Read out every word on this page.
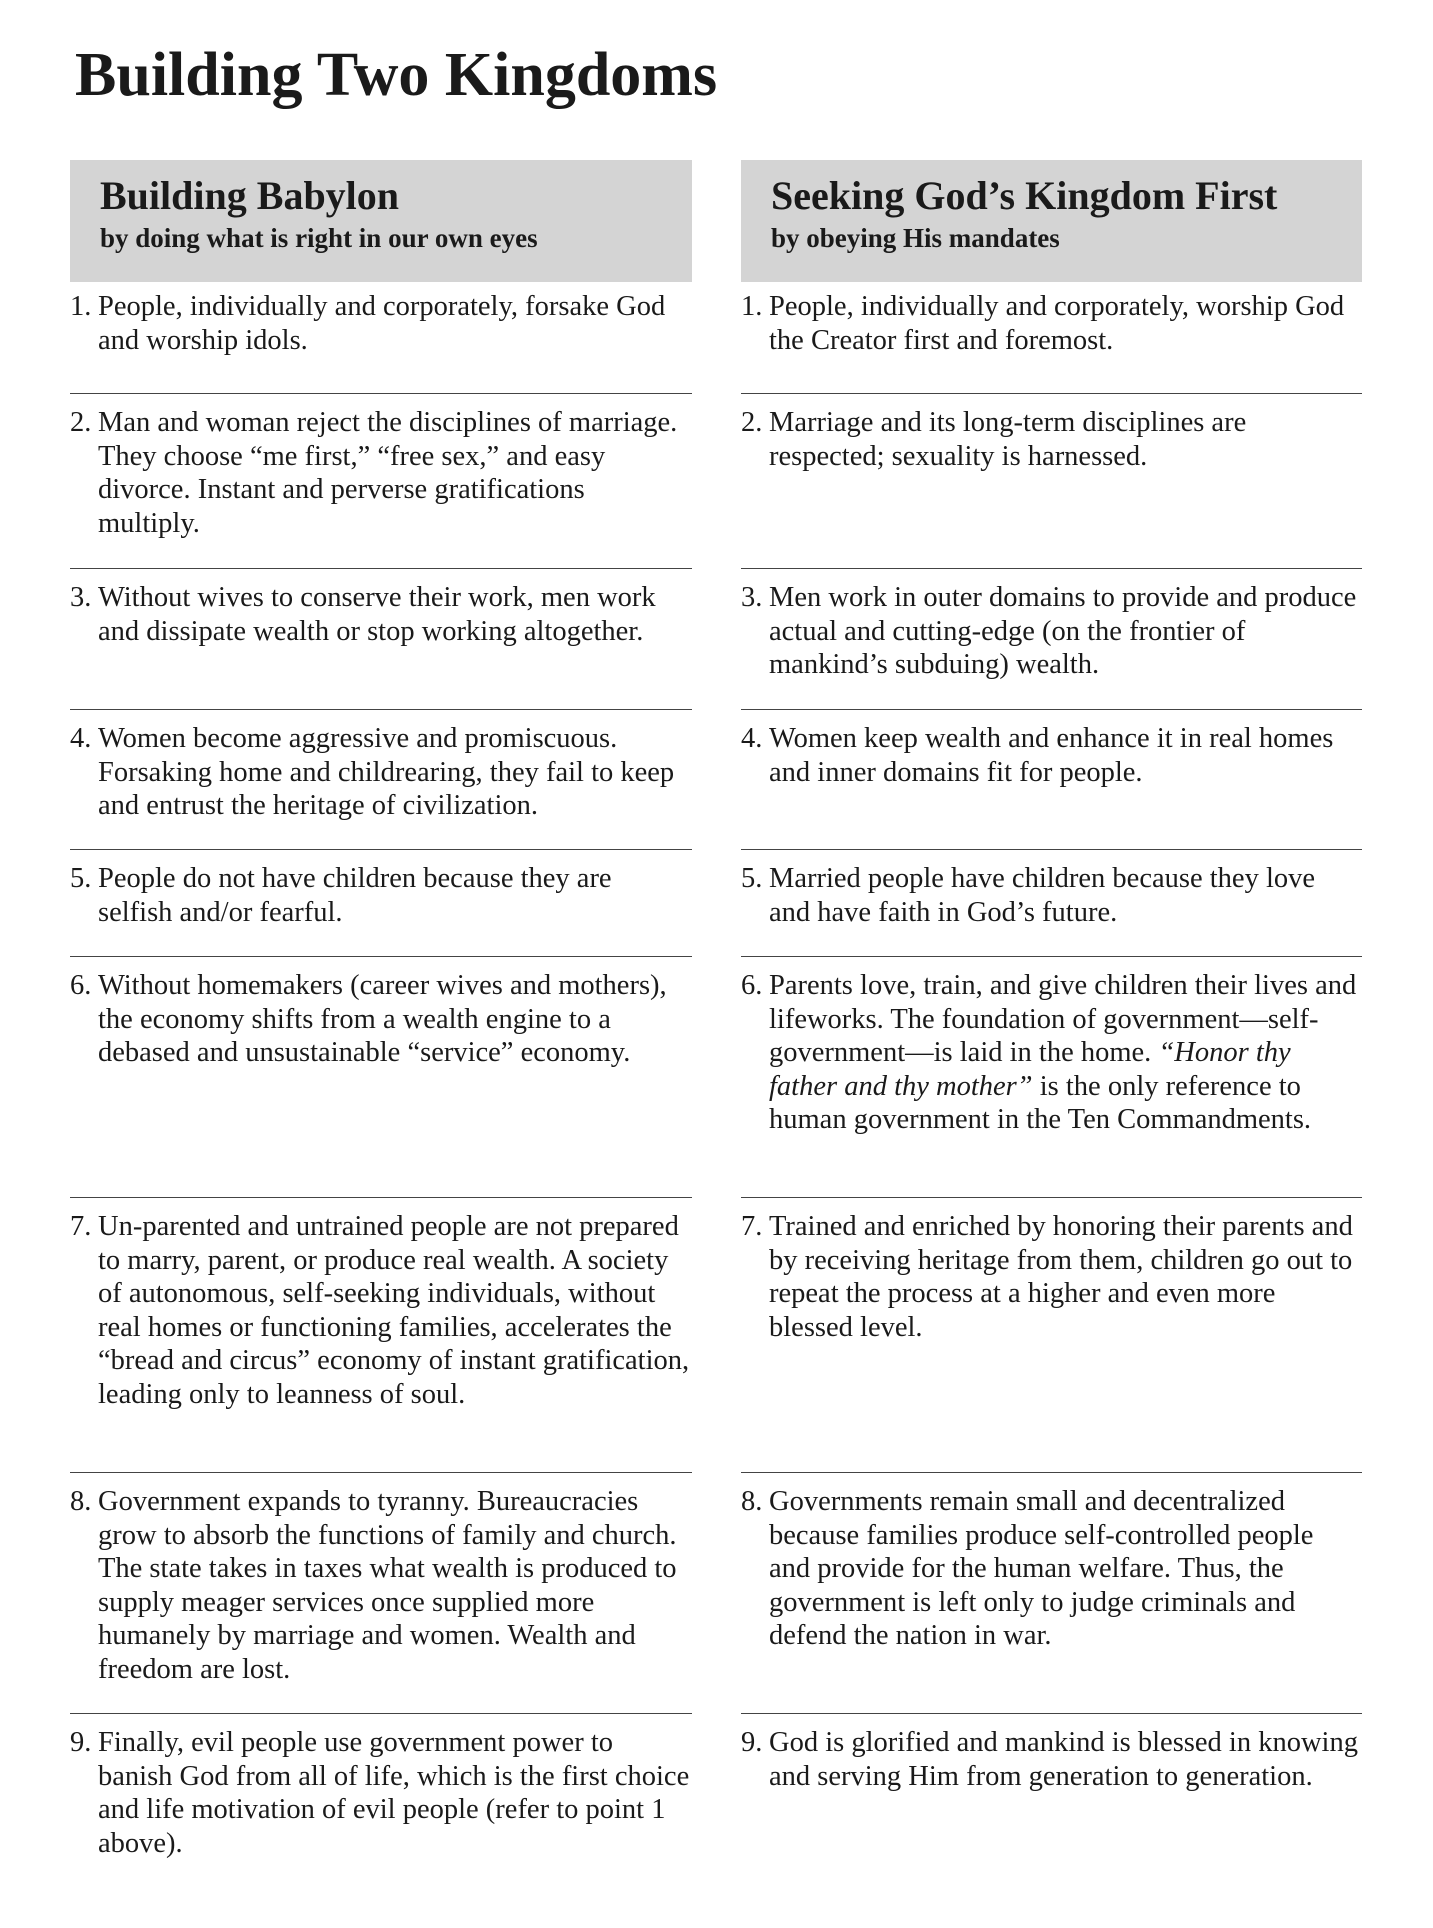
Building Two Kingdoms
Building Babylon
by doing what is right in our own eyes
1. People, individually and corporately, forsake God and worship idols.
2. Man and woman reject the disciplines of marriage. They choose “me first,” “free sex,” and easy divorce. Instant and perverse gratifications multiply.
3. Without wives to conserve their work, men work and dissipate wealth or stop working altogether.
4. Women become aggressive and promiscuous. Forsaking home and childrearing, they fail to keep and entrust the heritage of civilization.
5. People do not have children because they are selfish and/or fearful.
6. Without homemakers (career wives and mothers), the economy shifts from a wealth engine to a debased and unsustainable “service” economy.
7. Un-parented and untrained people are not prepared to marry, parent, or produce real wealth. A society of autonomous, self-seeking individuals, without real homes or functioning families, accelerates the “bread and circus” economy of instant gratification, leading only to leanness of soul.
8. Government expands to tyranny. Bureaucracies grow to absorb the functions of family and church. The state takes in taxes what wealth is produced to supply meager services once supplied more humanely by marriage and women. Wealth and freedom are lost.
9. Finally, evil people use government power to banish God from all of life, which is the first choice and life motivation of evil people (refer to point 1 above).
Seeking God’s Kingdom First
by obeying His mandates
1. People, individually and corporately, worship God the Creator first and foremost.
2. Marriage and its long-term disciplines are respected; sexuality is harnessed.
3. Men work in outer domains to provide and produce actual and cutting-edge (on the frontier of mankind’s subduing) wealth.
4. Women keep wealth and enhance it in real homes and inner domains fit for people.
5. Married people have children because they love and have faith in God’s future.
6. Parents love, train, and give children their lives and lifeworks. The foundation of government—self-government—is laid in the home. “Honor thy father and thy mother” is the only reference to human government in the Ten Commandments.
7. Trained and enriched by honoring their parents and by receiving heritage from them, children go out to repeat the process at a higher and even more blessed level.
8. Governments remain small and decentralized because families produce self-controlled people and provide for the human welfare. Thus, the government is left only to judge criminals and defend the nation in war.
9. God is glorified and mankind is blessed in knowing and serving Him from generation to generation.
